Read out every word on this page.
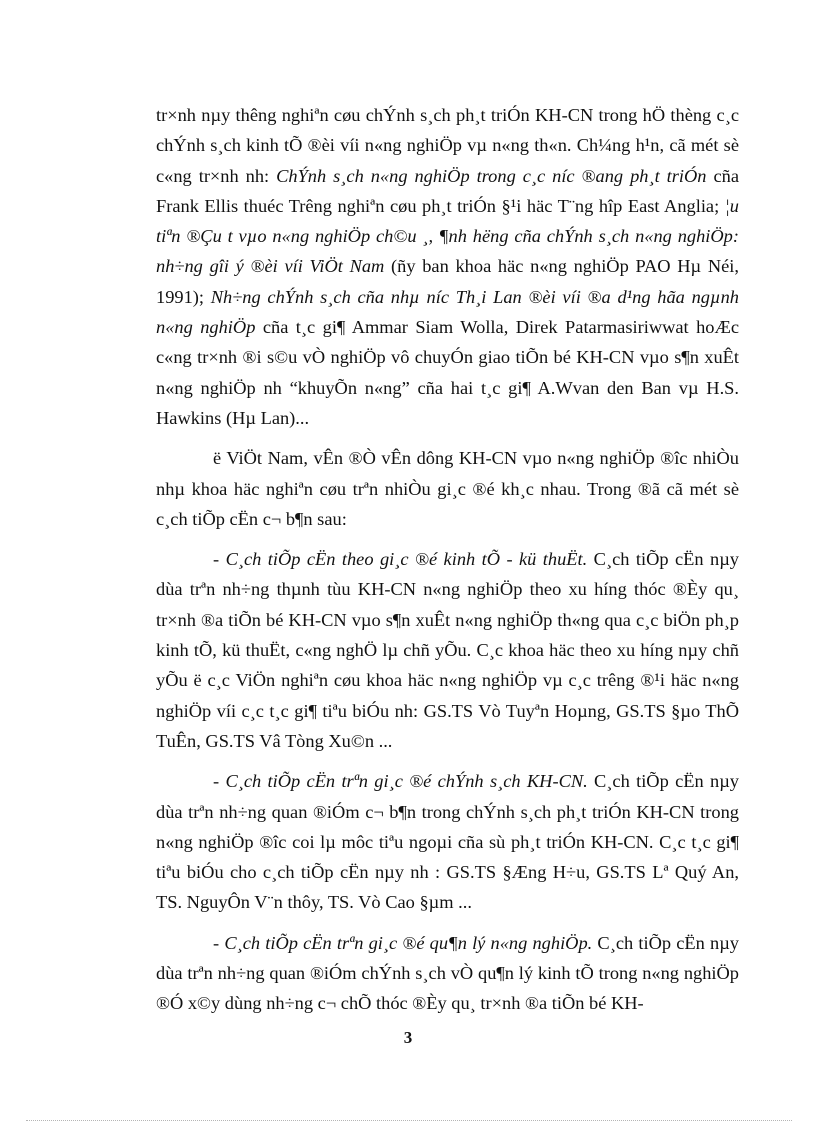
tr×nh nµy thêng nghiªn cøu chÝnh s¸ch ph¸t triÓn KH-CN trong hÖ thèng c¸c chÝnh s¸ch kinh tÕ ®èi víi n«ng nghiÖp vµ n«ng th«n. Ch¼ng h¹n, cã mét sè c«ng tr×nh nh: ChÝnh s¸ch n«ng nghiÖp trong c¸c níc ®ang ph¸t triÓn cña Frank Ellis thuéc Trêng nghiªn cøu ph¸t triÓn §¹i häc T¨ng hîp East Anglia; ¦u tiªn ®Çu t vµo n«ng nghiÖp ch©u ¸, ¶nh hëng cña chÝnh s¸ch n«ng nghiÖp: nh÷ng gîi ý ®èi víi ViÖt Nam (ñy ban khoa häc n«ng nghiÖp PAO Hµ Néi, 1991); Nh÷ng chÝnh s¸ch cña nhµ níc Th¸i Lan ®èi víi ®a d¹ng hãa ngµnh n«ng nghiÖp cña t¸c gi¶ Ammar Siam Wolla, Direk Patarmasiriwwat hoÆc c«ng tr×nh ®i s©u vÒ nghiÖp vô chuyÓn giao tiÕn bé KH-CN vµo s¶n xuÊt n«ng nghiÖp nh “khuyÕn n«ng” cña hai t¸c gi¶ A.Wvan den Ban vµ H.S. Hawkins (Hµ Lan)...

ë ViÖt Nam, vÊn ®Ò vÊn dông KH-CN vµo n«ng nghiÖp ®îc nhiÒu nhµ khoa häc nghiªn cøu trªn nhiÒu gi¸c ®é kh¸c nhau. Trong ®ã cã mét sè c¸ch tiÕp cËn c¬ b¶n sau:

- C¸ch tiÕp cËn theo gi¸c ®é kinh tÕ - kü thuËt. C¸ch tiÕp cËn nµy dùa trªn nh÷ng thµnh tùu KH-CN n«ng nghiÖp theo xu híng thóc ®Èy qu¸ tr×nh ®a tiÕn bé KH-CN vµo s¶n xuÊt n«ng nghiÖp th«ng qua c¸c biÖn ph¸p kinh tÕ, kü thuËt, c«ng nghÖ lµ chñ yÕu. C¸c khoa häc theo xu híng nµy chñ yÕu ë c¸c ViÖn nghiªn cøu khoa häc n«ng nghiÖp vµ c¸c trêng ®¹i häc n«ng nghiÖp víi c¸c t¸c gi¶ tiªu biÓu nh: GS.TS Vò Tuyªn Hoµng, GS.TS §µo ThÕ TuÊn, GS.TS Vâ Tòng Xu©n ...

- C¸ch tiÕp cËn trªn gi¸c ®é chÝnh s¸ch KH-CN. C¸ch tiÕp cËn nµy dùa trªn nh÷ng quan ®iÓm c¬ b¶n trong chÝnh s¸ch ph¸t triÓn KH-CN trong n«ng nghiÖp ®îc coi lµ môc tiªu ngoµi cña sù ph¸t triÓn KH-CN. C¸c t¸c gi¶ tiªu biÓu cho c¸ch tiÕp cËn nµy nh : GS.TS §Æng H÷u, GS.TS Lª Quý An, TS. NguyÔn V¨n thôy, TS. Vò Cao §µm ...

- C¸ch tiÕp cËn trªn gi¸c ®é qu¶n lý n«ng nghiÖp. C¸ch tiÕp cËn nµy dùa trªn nh÷ng quan ®iÓm chÝnh s¸ch vÒ qu¶n lý kinh tÕ trong n«ng nghiÖp ®Ó x©y dùng nh÷ng c¬ chÕ thóc ®Èy qu¸ tr×nh ®a tiÕn bé KH-

3
